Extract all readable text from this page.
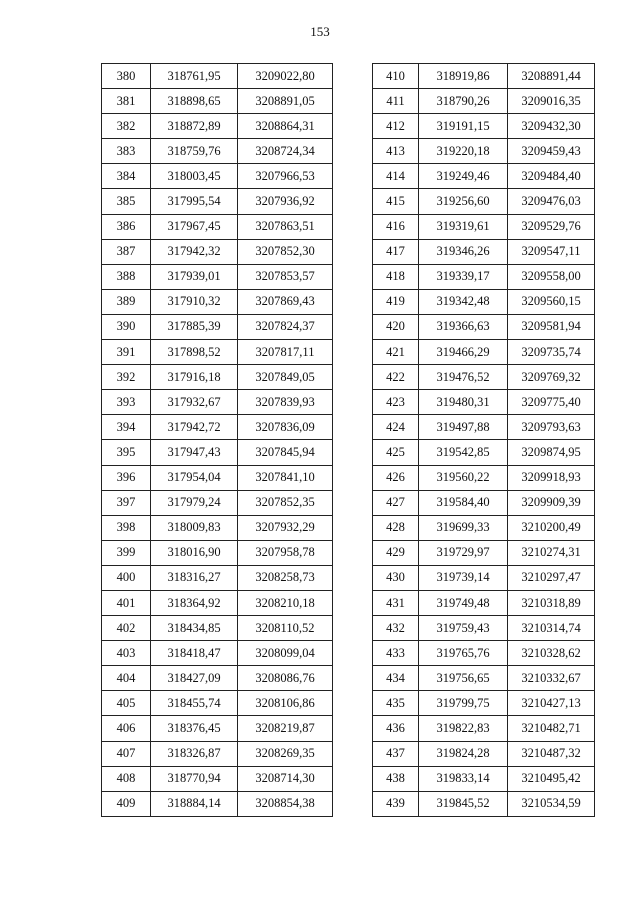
153
380	318761,95	3209022,80
381	318898,65	3208891,05
382	318872,89	3208864,31
383	318759,76	3208724,34
384	318003,45	3207966,53
385	317995,54	3207936,92
386	317967,45	3207863,51
387	317942,32	3207852,30
388	317939,01	3207853,57
389	317910,32	3207869,43
390	317885,39	3207824,37
391	317898,52	3207817,11
392	317916,18	3207849,05
393	317932,67	3207839,93
394	317942,72	3207836,09
395	317947,43	3207845,94
396	317954,04	3207841,10
397	317979,24	3207852,35
398	318009,83	3207932,29
399	318016,90	3207958,78
400	318316,27	3208258,73
401	318364,92	3208210,18
402	318434,85	3208110,52
403	318418,47	3208099,04
404	318427,09	3208086,76
405	318455,74	3208106,86
406	318376,45	3208219,87
407	318326,87	3208269,35
408	318770,94	3208714,30
409	318884,14	3208854,38
410	318919,86	3208891,44
411	318790,26	3209016,35
412	319191,15	3209432,30
413	319220,18	3209459,43
414	319249,46	3209484,40
415	319256,60	3209476,03
416	319319,61	3209529,76
417	319346,26	3209547,11
418	319339,17	3209558,00
419	319342,48	3209560,15
420	319366,63	3209581,94
421	319466,29	3209735,74
422	319476,52	3209769,32
423	319480,31	3209775,40
424	319497,88	3209793,63
425	319542,85	3209874,95
426	319560,22	3209918,93
427	319584,40	3209909,39
428	319699,33	3210200,49
429	319729,97	3210274,31
430	319739,14	3210297,47
431	319749,48	3210318,89
432	319759,43	3210314,74
433	319765,76	3210328,62
434	319756,65	3210332,67
435	319799,75	3210427,13
436	319822,83	3210482,71
437	319824,28	3210487,32
438	319833,14	3210495,42
439	319845,52	3210534,59
